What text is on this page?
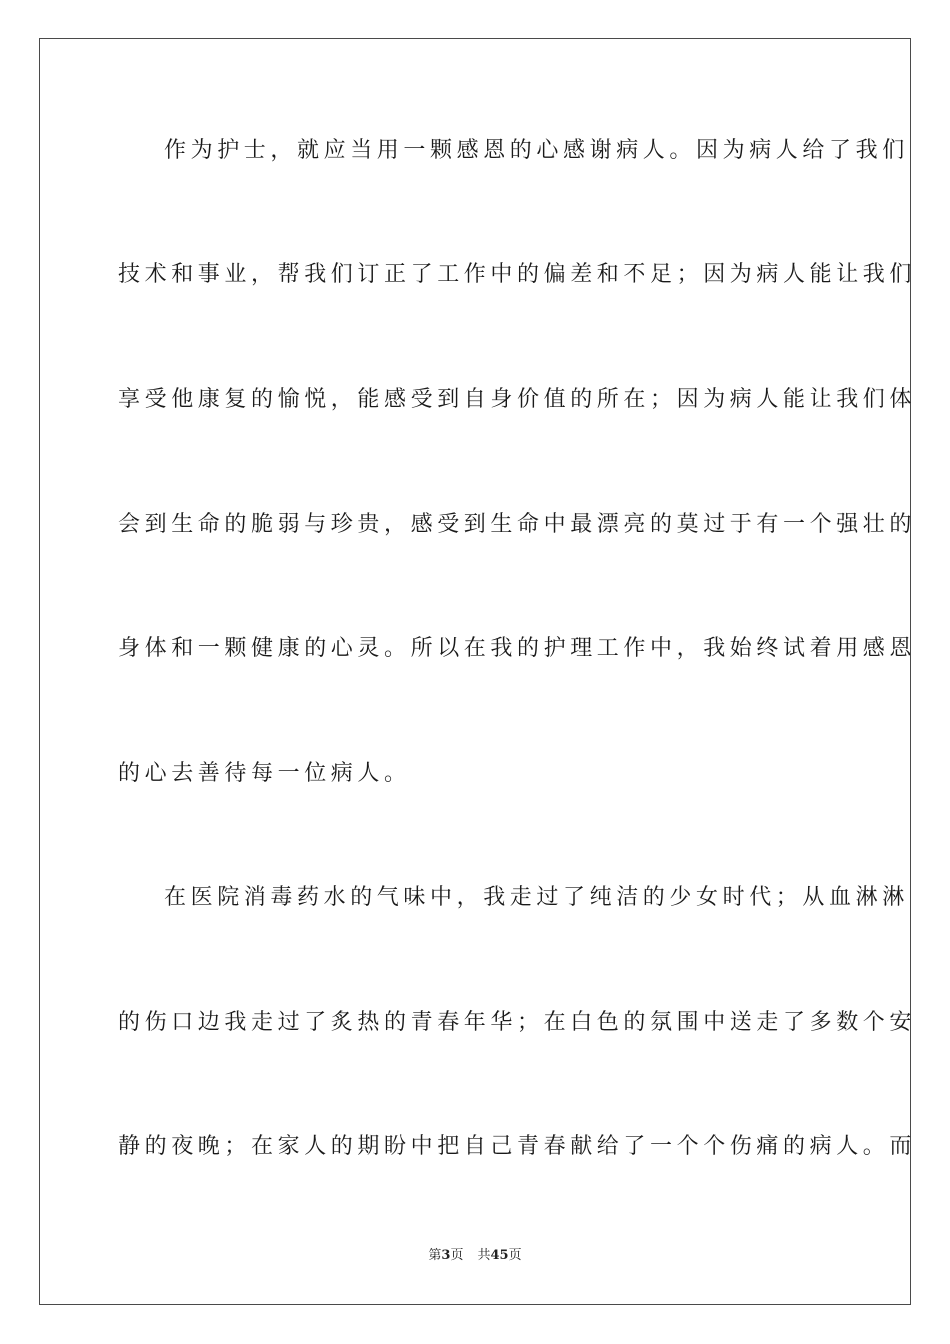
作为护士，就应当用一颗感恩的心感谢病人。因为病人给了我们
技术和事业，帮我们订正了工作中的偏差和不足；因为病人能让我们
享受他康复的愉悦，能感受到自身价值的所在；因为病人能让我们体
会到生命的脆弱与珍贵，感受到生命中最漂亮的莫过于有一个强壮的
身体和一颗健康的心灵。所以在我的护理工作中，我始终试着用感恩
的心去善待每一位病人。
在医院消毒药水的气味中，我走过了纯洁的少女时代；从血淋淋
的伤口边我走过了炙热的青春年华；在白色的氛围中送走了多数个安
静的夜晚；在家人的期盼中把自己青春献给了一个个伤痛的病人。而
第3页 共45页
